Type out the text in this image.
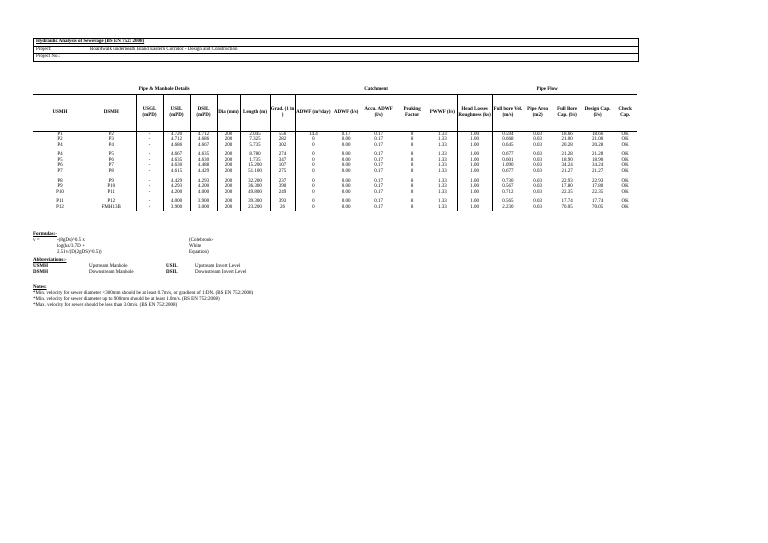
Hydraulic Analysis of Sewerage (BS EN 752: 2008)
Project:	Boardwalk underneath Island Eastern Corridor - Design and Construction
Project No.:
Pipe & Manhole Details								Catchment					Pipe Flow					
USMH	DSMH	USGL (mPD)	USIL (mPD)	DSIL (mPD)	Dia (mm)	Length (m)	Grad. (1 in )	ADWF (m³/day)	ADWF (l/s)	Accu. ADWF (l/s)	Peaking Factor	PWWF (l/s)	Head Losses Roughness (ks)	Full bore Vel. (m/s)	Pipe Area (m2)	Full Bore Cap. (l/s)	Design Cap. (l/s)	Check Cap.
P1	P2	-	4.720	4.712	200	2.045	556	14.4	0.17	0.17	8	1.33	1.00	0.594	0.03	18.66	18.66	OK
P2	P3	-	4.712	4.686	200	7.325	282	0	0.00	0.17	8	1.33	1.00	0.668	0.03	21.00	21.00	OK
P4	P4	-	4.686	4.667	200	5.735	302	0	0.00	0.17	8	1.33	1.00	0.645	0.03	20.28	20.28	OK

P4	P5	-	4.667	4.635	200	8.780	274	0	0.00	0.17	8	1.33	1.00	0.677	0.03	21.28	21.28	OK
P5	P6	-	4.635	4.630	200	1.735	347	0	0.00	0.17	8	1.33	1.00	0.601	0.03	18.90	18.90	OK
P6	P7	-	4.630	4.488	200	15.200	107	0	0.00	0.17	8	1.33	1.00	1.090	0.03	34.24	34.24	OK
P7	P8	-	4.615	4.429	200	51.100	275	0	0.00	0.17	8	1.33	1.00	0.677	0.03	21.27	21.27	OK

P8	P9	-	4.429	4.293	200	32.200	237	0	0.00	0.17	8	1.33	1.00	0.730	0.03	22.93	22.93	OK
P9	P10	-	4.293	4.200	200	36.300	390	0	0.00	0.17	8	1.33	1.00	0.567	0.03	17.80	17.80	OK
P10	P11	-	4.200	4.000	200	49.800	249	0	0.00	0.17	8	1.33	1.00	0.712	0.03	22.35	22.35	OK

P11	P12	-	4.000	3.900	200	39.300	393	0	0.00	0.17	8	1.33	1.00	0.565	0.03	17.74	17.74	OK
P12	FMH13B	-	3.900	3.000	200	23.200	26	0	0.00	0.17	8	1.33	1.00	2.230	0.03	70.05	70.05	OK
Formulas:-
v =	-(8gDs)^0.5 x log(ks/3.7D + 2.51v/(D(2gDS)^0.5))
(Colebrook-White Equation)
Abbreviations:-
USMH	Upstream Manhole
DSMH	Downstream Manhole
USIL	Upstream Invert Level
DSIL	Downstream Invert Level
Notes:
*Min. velocity for sewer diameter <300mm should be at least 0.7m/s, or gradient of 1:DN. (BS EN 752:2008)
*Min. velocity for sewer diameter up to 900mm should be at least 1.0m/s. (BS EN 752:2008)
*Max. velocity for sewer should be less than 3.0m/s. (BS EN 752:2008)
